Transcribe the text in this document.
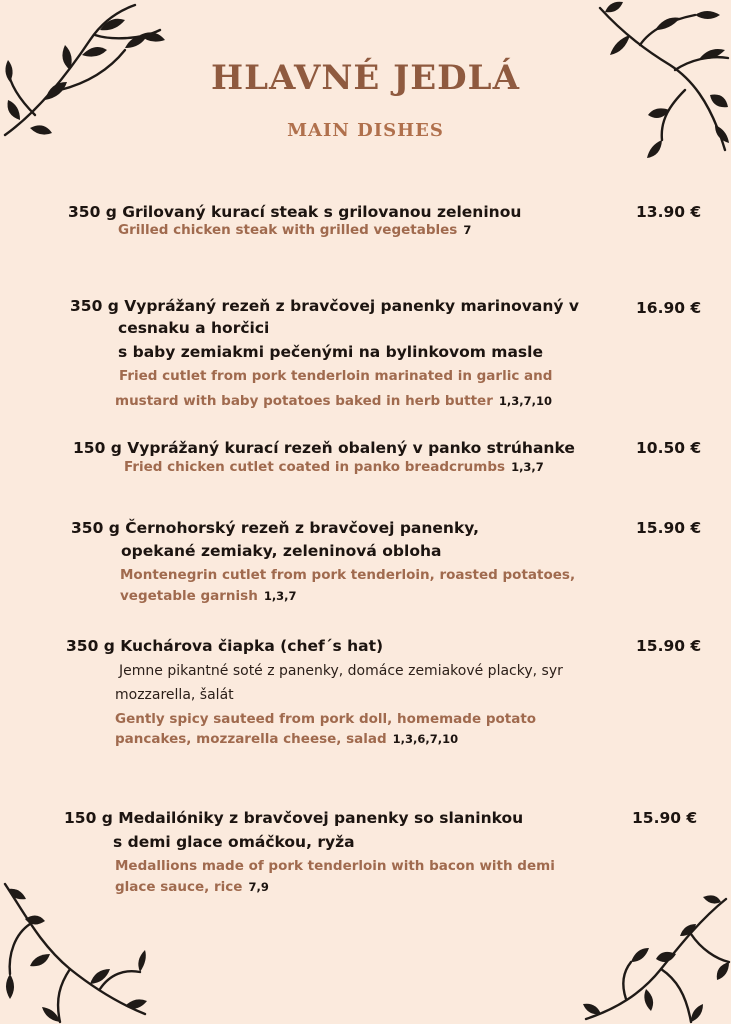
HLAVNÉ JEDLÁ
MAIN DISHES
350 g Grilovaný kurací steak s grilovanou zeleninou
Grilled chicken steak with grilled vegetables 7
13.90 €
350 g Vyprážaný rezeň z bravčovej panenky marinovaný v
cesnaku a horčici
s baby zemiakmi pečenými na bylinkovom masle
Fried cutlet from pork tenderloin marinated in garlic and
mustard with baby potatoes baked in herb butter 1,3,7,10
16.90 €
150 g Vyprážaný kurací rezeň obalený v panko strúhanke
Fried chicken cutlet coated in panko breadcrumbs 1,3,7
10.50 €
350 g Černohorský rezeň z bravčovej panenky,
opekané zemiaky, zeleninová obloha
Montenegrin cutlet from pork tenderloin, roasted potatoes,
vegetable garnish 1,3,7
15.90 €
350 g Kuchárova čiapka (chef´s hat)
Jemne pikantné soté z panenky, domáce zemiakové placky, syr
mozzarella, šalát
Gently spicy sauteed from pork doll, homemade potato
pancakes, mozzarella cheese, salad 1,3,6,7,10
15.90 €
150 g Medailóniky z bravčovej panenky so slaninkou
s demi glace omáčkou, ryža
Medallions made of pork tenderloin with bacon with demi
glace sauce, rice 7,9
15.90 €
